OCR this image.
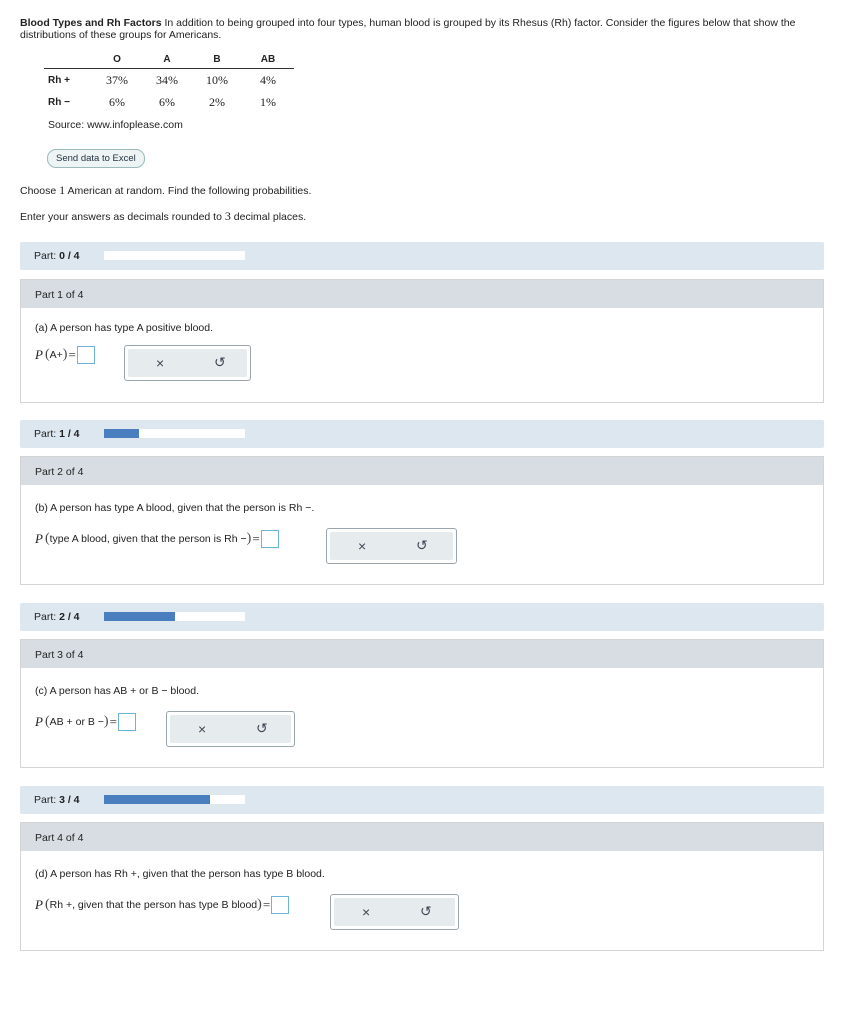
Blood Types and Rh Factors In addition to being grouped into four types, human blood is grouped by its Rhesus (Rh) factor. Consider the figures below that show the distributions of these groups for Americans.
	O	A	B	AB
Rh +	37%	34%	10%	4%
Rh −	6%	6%	2%	1%
Source: www.infoplease.com
Send data to Excel
Choose 1 American at random. Find the following probabilities.
Enter your answers as decimals rounded to 3 decimal places.
Part: 0 / 4
Part: 1 / 4
Part: 2 / 4
Part: 3 / 4
Part 1 of 4
(a) A person has type A positive blood.
P ( A+ ) =
×	↺
Part 2 of 4
(b) A person has type A blood, given that the person is Rh −.
P ( type A blood, given that the person is Rh − ) =	×	↺
Part 3 of 4
(c) A person has AB + or B − blood.
P ( AB + or B − ) =	×	↺
Part 4 of 4
(d) A person has Rh +, given that the person has type B blood.
P ( Rh +, given that the person has type B blood ) =	×	↺
